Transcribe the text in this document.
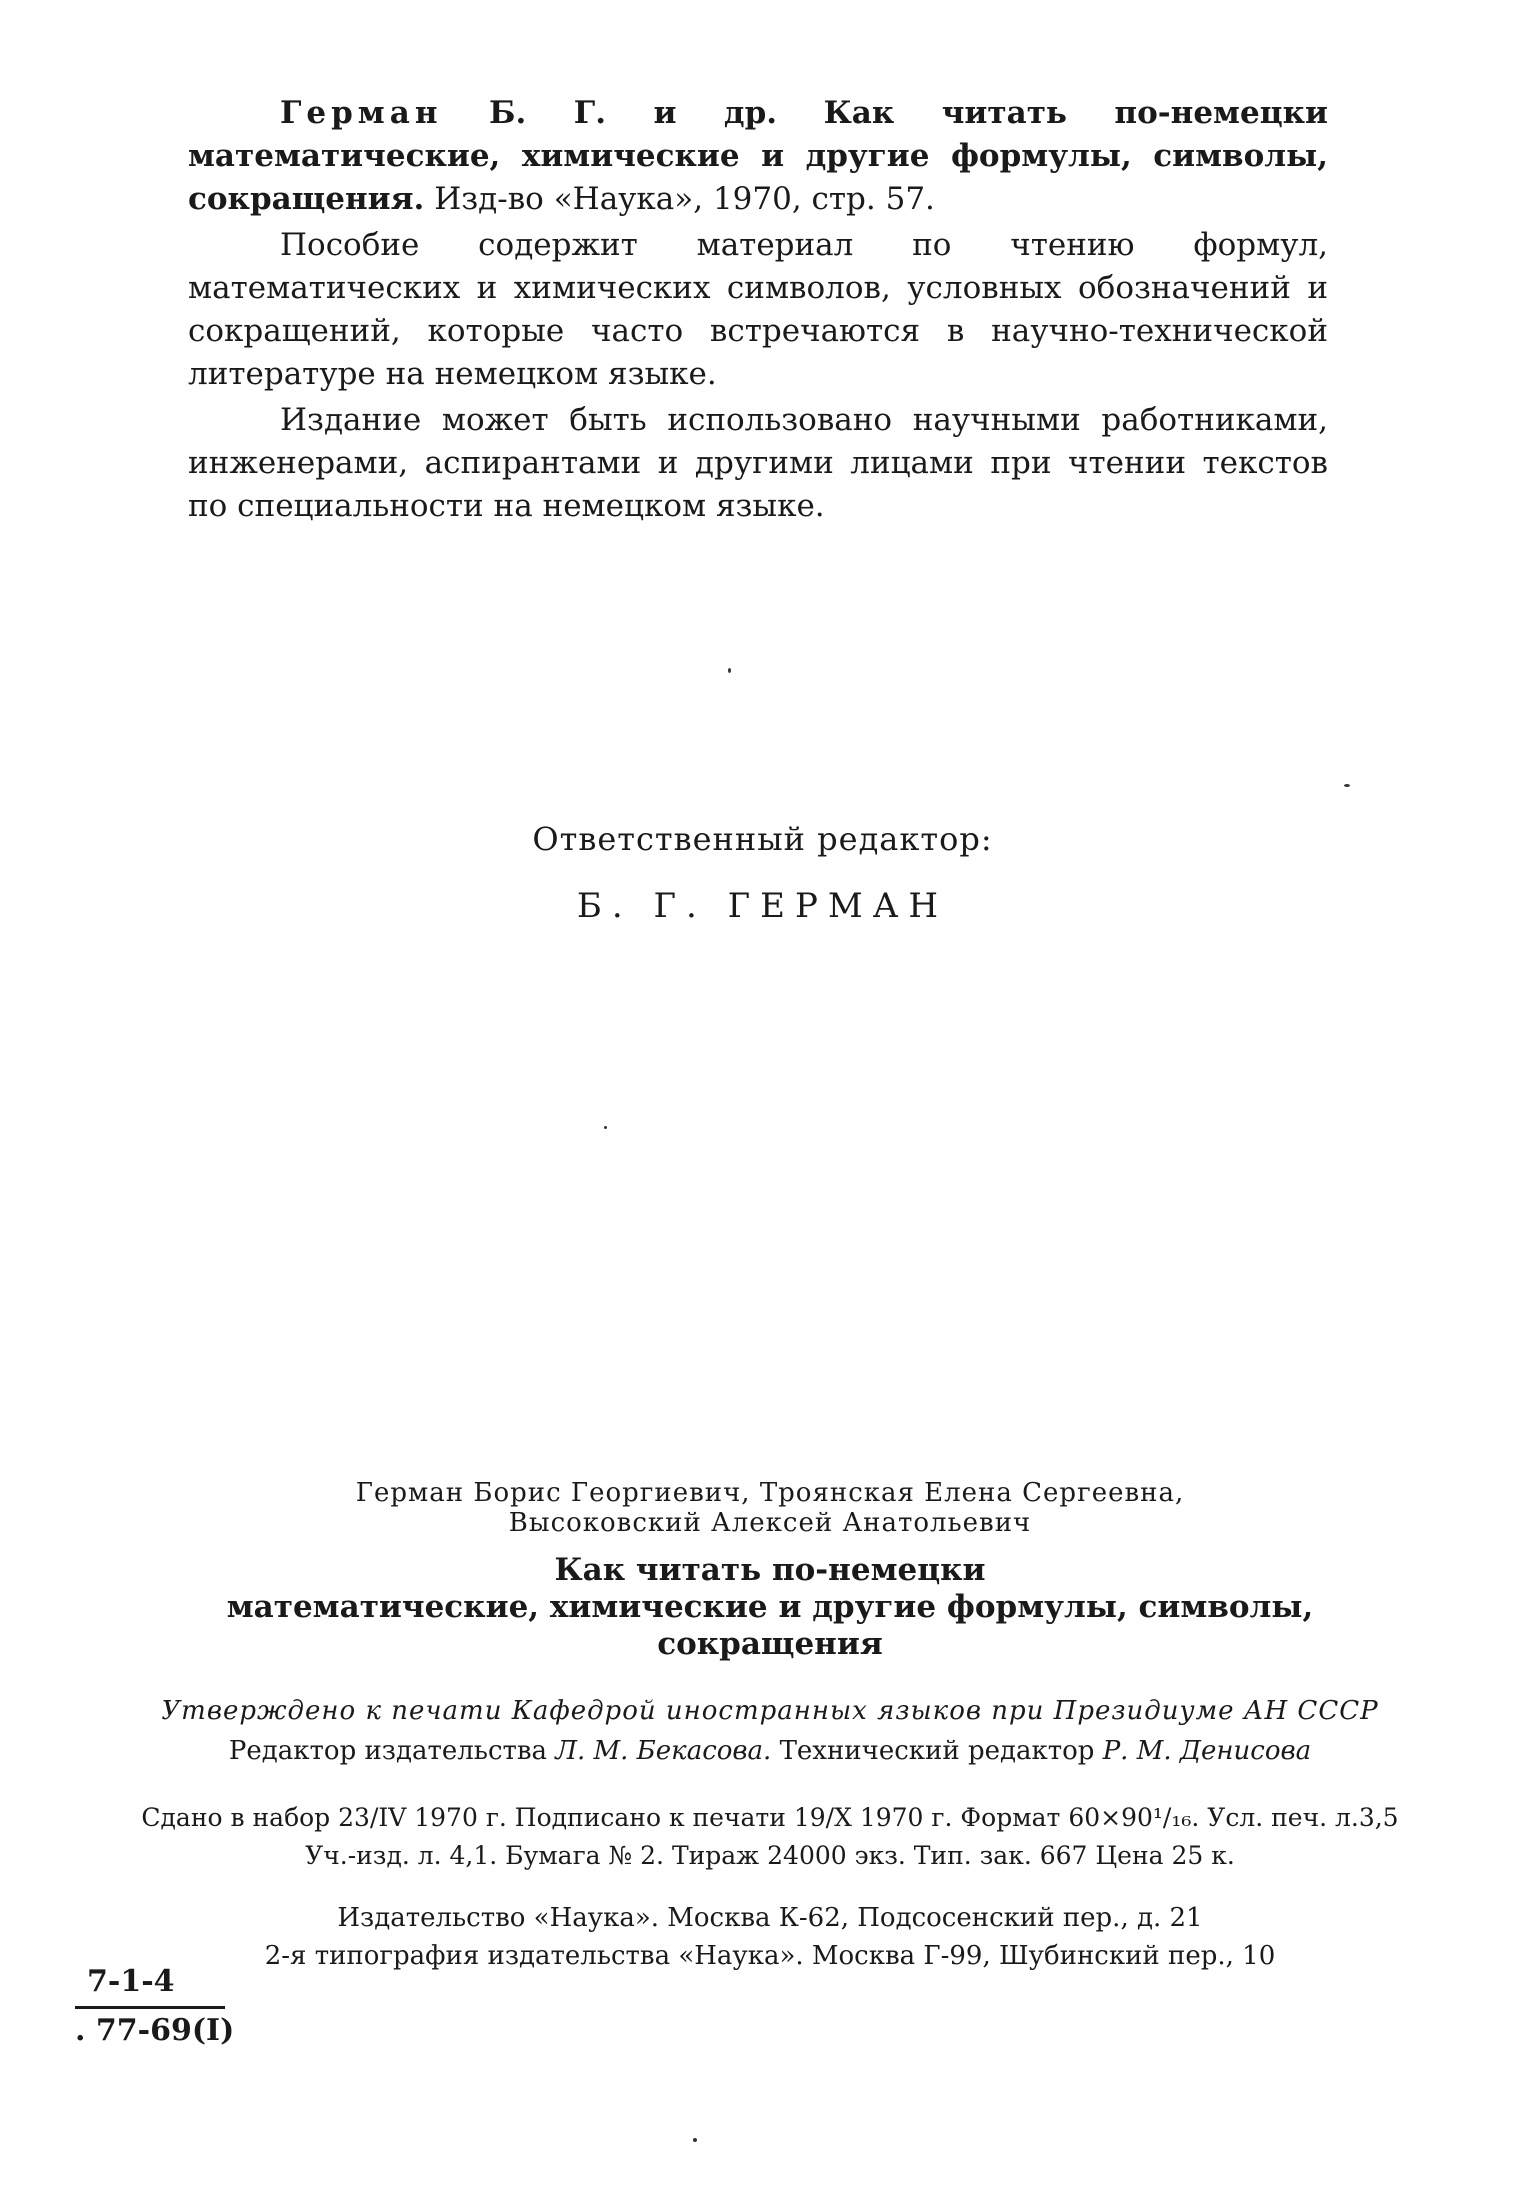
Герман Б. Г. и др. Как читать по-немецки математические, химические и другие формулы, символы, сокращения. Изд-во «Наука», 1970, стр. 57.

Пособие содержит материал по чтению формул, математических и химических символов, условных обозначений и сокращений, которые часто встречаются в научно-технической литературе на немецком языке.

Издание может быть использовано научными работниками, инженерами, аспирантами и другими лицами при чтении текстов по специальности на немецком языке.

Ответственный редактор:
Б. Г. ГЕРМАН

Герман Борис Георгиевич, Троянская Елена Сергеевна,

Высоковский Алексей Анатольевич

Как читать по-немецки

математические, химические и другие формулы, символы, сокращения

Утверждено к печати Кафедрой иностранных языков при Президиуме АН СССР

Редактор издательства Л. М. Бекасова. Технический редактор Р. М. Денисова

Сдано в набор 23/IV 1970 г. Подписано к печати 19/X 1970 г. Формат 60×90¹/₁₆. Усл. печ. л.3,5

Уч.-изд. л. 4,1. Бумага № 2. Тираж 24000 экз. Тип. зак. 667 Цена 25 к.

Издательство «Наука». Москва К-62, Подсосенский пер., д. 21

2-я типография издательства «Наука». Москва Г-99, Шубинский пер., 10

7-1-4
. 77-69(I)
